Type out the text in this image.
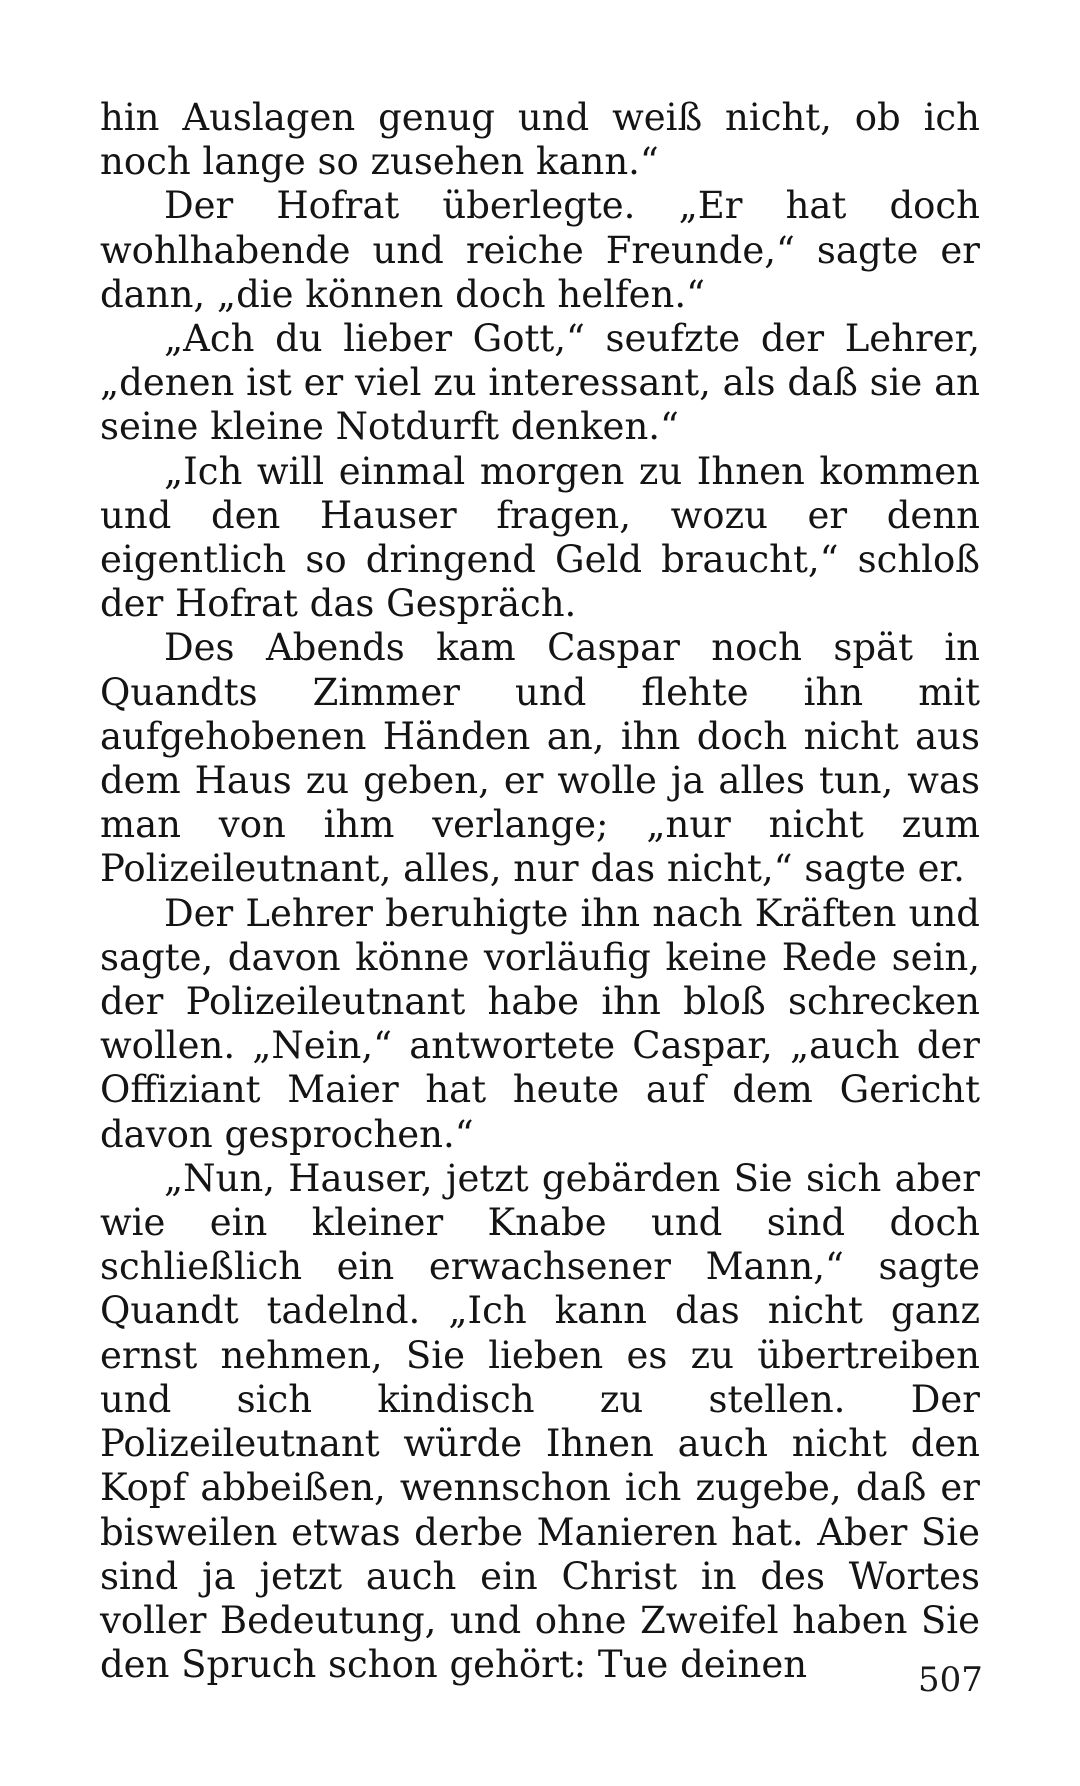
hin Auslagen genug und weiß nicht, ob ich noch lange so zusehen kann.“

Der Hofrat überlegte. „Er hat doch wohlhabende und reiche Freunde,“ sagte er dann, „die können doch helfen.“

„Ach du lieber Gott,“ seufzte der Lehrer, „denen ist er viel zu interessant, als daß sie an seine kleine Notdurft denken.“

„Ich will einmal morgen zu Ihnen kommen und den Hauser fragen, wozu er denn eigentlich so dringend Geld braucht,“ schloß der Hofrat das Gespräch.

Des Abends kam Caspar noch spät in Quandts Zimmer und flehte ihn mit aufgehobenen Händen an, ihn doch nicht aus dem Haus zu geben, er wolle ja alles tun, was man von ihm verlange; „nur nicht zum Polizeileutnant, alles, nur das nicht,“ sagte er.

Der Lehrer beruhigte ihn nach Kräften und sagte, davon könne vorläufig keine Rede sein, der Polizeileutnant habe ihn bloß schrecken wollen. „Nein,“ antwortete Caspar, „auch der Offiziant Maier hat heute auf dem Gericht davon gesprochen.“

„Nun, Hauser, jetzt gebärden Sie sich aber wie ein kleiner Knabe und sind doch schließlich ein erwachsener Mann,“ sagte Quandt tadelnd. „Ich kann das nicht ganz ernst nehmen, Sie lieben es zu übertreiben und sich kindisch zu stellen. Der Polizeileutnant würde Ihnen auch nicht den Kopf abbeißen, wennschon ich zugebe, daß er bisweilen etwas derbe Manieren hat. Aber Sie sind ja jetzt auch ein Christ in des Wortes voller Bedeutung, und ohne Zweifel haben Sie den Spruch schon gehört: Tue deinen	507
